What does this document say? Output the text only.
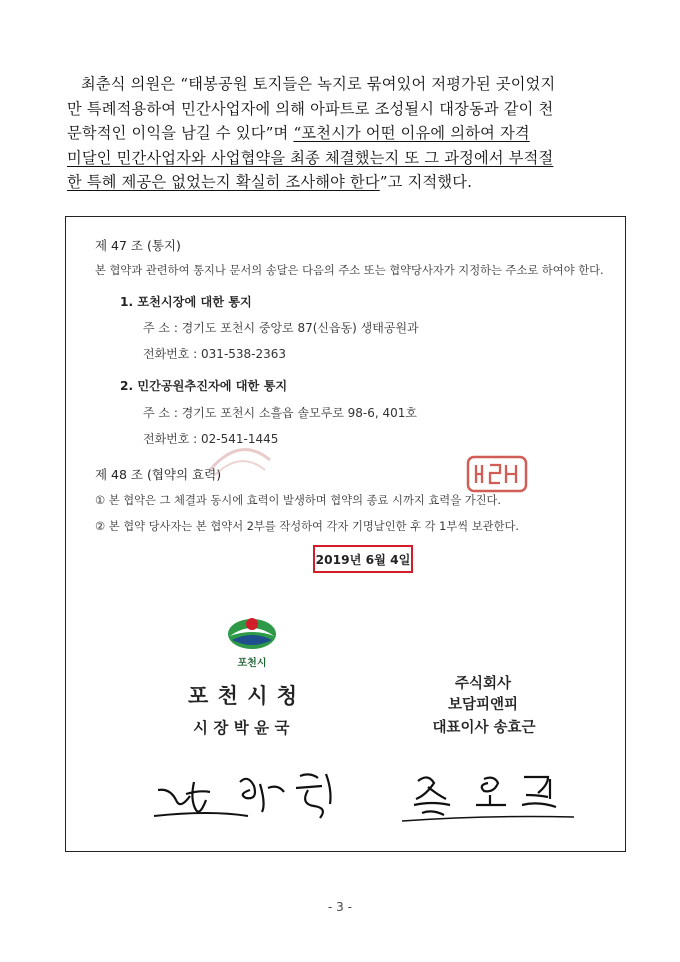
최춘식 의원은 “태봉공원 토지들은 녹지로 묶여있어 저평가된 곳이었지
만 특례적용하여 민간사업자에 의해 아파트로 조성될시 대장동과 같이 천
문학적인 이익을 남길 수 있다”며 “포천시가 어떤 이유에 의하여 자격
미달인 민간사업자와 사업협약을 최종 체결했는지 또 그 과정에서 부적절
한 특혜 제공은 없었는지 확실히 조사해야 한다”고 지적했다.
제 47 조 (통지)
본 협약과 관련하여 통지나 문서의 송달은 다음의 주소 또는 협약당사자가 지정하는 주소로 하여야 한다.
1. 포천시장에 대한 통지
주 소 : 경기도 포천시 중앙로 87(신읍동) 생태공원과
전화번호 : 031-538-2363
2. 민간공원추진자에 대한 통지
주 소 : 경기도 포천시 소흘읍 솔모루로 98-6, 401호
전화번호 : 02-541-1445
제 48 조 (협약의 효력)
① 본 협약은 그 체결과 동시에 효력이 발생하며 협약의 종료 시까지 효력을 가진다.
② 본 협약 당사자는 본 협약서 2부를 작성하여 각자 기명날인한 후 각 1부씩 보관한다.
2019년 6월 4일
포천시
포 천 시 청
시 장 박 윤 국
주식회사
보담피앤피
대표이사 송효근
- 3 -
